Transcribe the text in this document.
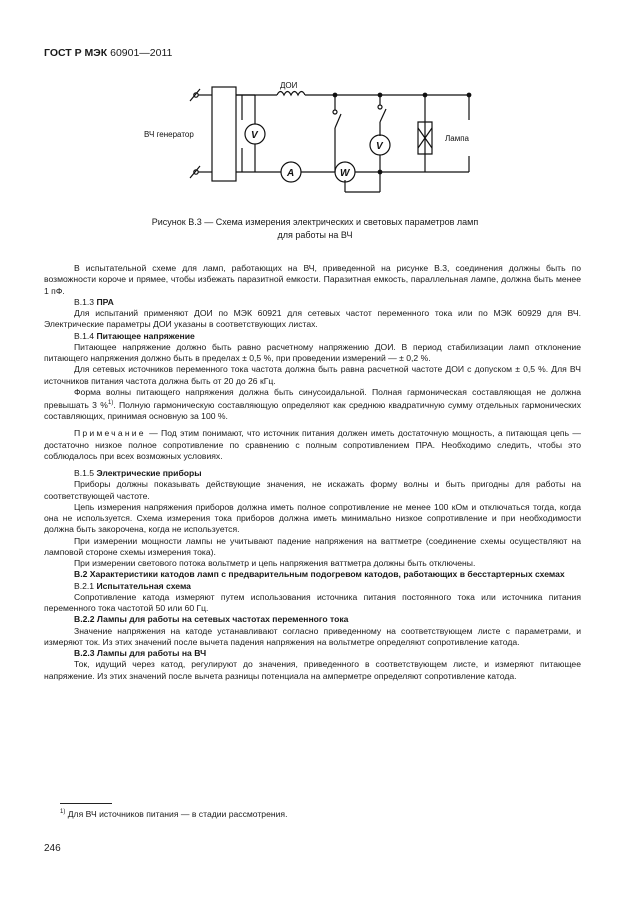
ГОСТ Р МЭК 60901—2011
ДОИ
ВЧ генератор	Лампа
V
V
A	W
Рисунок В.3 — Схема измерения электрических и световых параметров ламп
для работы на ВЧ

В испытательной схеме для ламп, работающих на ВЧ, приведенной на рисунке В.3, соединения должны быть по возможности короче и прямее, чтобы избежать паразитной емкости. Паразитная емкость, параллельная лампе, должна быть менее 1 пФ.

B.1.3 ПРА

Для испытаний применяют ДОИ по МЭК 60921 для сетевых частот переменного тока или по МЭК 60929 для ВЧ. Электрические параметры ДОИ указаны в соответствующих листах.

B.1.4 Питающее напряжение

Питающее напряжение должно быть равно расчетному напряжению ДОИ. В период стабилизации ламп отклонение питающего напряжения должно быть в пределах ± 0,5 %, при проведении измерений — ± 0,2 %.

Для сетевых источников переменного тока частота должна быть равна расчетной частоте ДОИ с допуском ± 0,5 %. Для ВЧ источников питания частота должна быть от 20 до 26 кГц.

Форма волны питающего напряжения должна быть синусоидальной. Полная гармоническая составляющая не должна превышать 3 %$^{1)}$. Полную гармоническую составляющую определяют как среднюю квадратичную сумму отдельных гармонических составляющих, принимая основную за 100 %.

Примечание — Под этим понимают, что источник питания должен иметь достаточную мощность, а питающая цепь — достаточно низкое полное сопротивление по сравнению с полным сопротивлением ПРА. Необходимо следить, чтобы это соблюдалось при всех возможных условиях.

B.1.5 Электрические приборы

Приборы должны показывать действующие значения, не искажать форму волны и быть пригодны для работы на соответствующей частоте.

Цепь измерения напряжения приборов должна иметь полное сопротивление не менее 100 кОм и отключаться тогда, когда она не используется. Схема измерения тока приборов должна иметь минимально низкое сопротивление и при необходимости должна быть закорочена, когда не используется.

При измерении мощности лампы не учитывают падение напряжения на ваттметре (соединение схемы осуществляют на ламповой стороне схемы измерения тока).

При измерении светового потока вольтметр и цепь напряжения ваттметра должны быть отключены.

B.2 Характеристики катодов ламп с предварительным подогревом катодов, работающих в бесстартерных схемах

B.2.1 Испытательная схема

Сопротивление катода измеряют путем использования источника питания постоянного тока или источника питания переменного тока частотой 50 или 60 Гц.

B.2.2 Лампы для работы на сетевых частотах переменного тока

Значение напряжения на катоде устанавливают согласно приведенному на соответствующем листе с параметрами, и измеряют ток. Из этих значений после вычета падения напряжения на вольтметре определяют сопротивление катода.

B.2.3 Лампы для работы на ВЧ

Ток, идущий через катод, регулируют до значения, приведенного в соответствующем листе, и измеряют питающее напряжение. Из этих значений после вычета разницы потенциала на амперметре определяют сопротивление катода.

$^{1)}$ Для ВЧ источников питания — в стадии рассмотрения.
246
